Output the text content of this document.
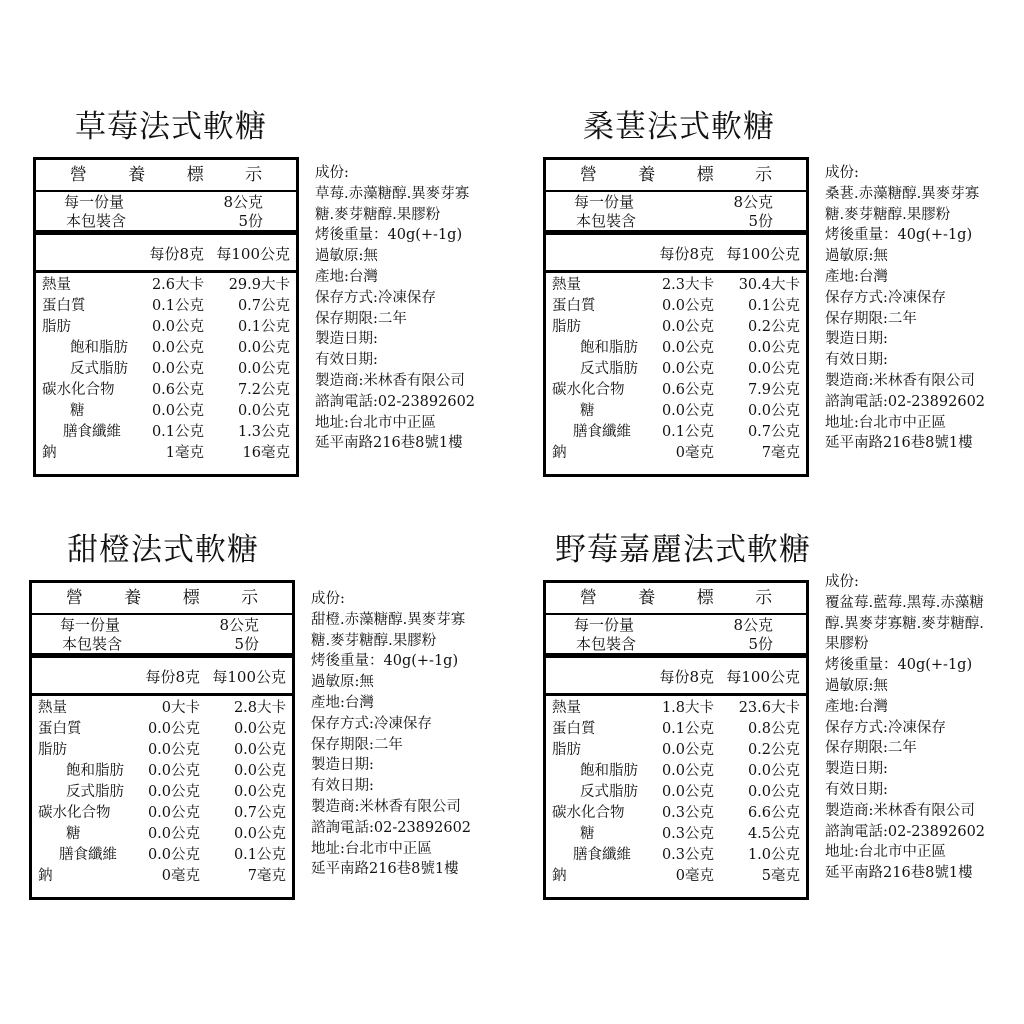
草莓法式軟糖
營 養 標 示
每一份量	8公克
本包裝含	5份
每份8克 每100公克
熱量	2.6大卡 29.9大卡
蛋白質	0.1公克 0.7公克
脂肪	0.0公克 0.1公克
飽和脂肪 0.0公克 0.0公克
反式脂肪 0.0公克 0.0公克
碳水化合物	0.6公克 7.2公克
糖	0.0公克 0.0公克
膳食纖維 0.1公克 1.3公克
鈉	1毫克	16毫克
成份:
草莓.赤藻糖醇.異麥芽寡
糖.麥芽糖醇.果膠粉
烤後重量：40g(+-1g)
過敏原:無
產地:台灣
保存方式:冷凍保存
保存期限:二年
製造日期:
有效日期:
製造商:米林香有限公司
諮詢電話:02-23892602
地址:台北市中正區
延平南路216巷8號1樓
桑葚法式軟糖
營 養 標 示
每一份量	8公克
本包裝含	5份
每份8克 每100公克
熱量	2.3大卡 30.4大卡
蛋白質	0.0公克 0.1公克
脂肪	0.0公克 0.2公克
飽和脂肪 0.0公克 0.0公克
反式脂肪 0.0公克 0.0公克
碳水化合物	0.6公克 7.9公克
糖	0.0公克 0.0公克
膳食纖維 0.1公克 0.7公克
鈉	0毫克	7毫克
成份:
桑葚.赤藻糖醇.異麥芽寡
糖.麥芽糖醇.果膠粉
烤後重量：40g(+-1g)
過敏原:無
產地:台灣
保存方式:冷凍保存
保存期限:二年
製造日期:
有效日期:
製造商:米林香有限公司
諮詢電話:02-23892602
地址:台北市中正區
延平南路216巷8號1樓
甜橙法式軟糖
營 養 標 示
每一份量	8公克
本包裝含	5份
每份8克 每100公克
熱量	0大卡 2.8大卡
蛋白質	0.0公克 0.0公克
脂肪	0.0公克 0.0公克
飽和脂肪 0.0公克 0.0公克
反式脂肪 0.0公克 0.0公克
碳水化合物	0.0公克 0.7公克
糖	0.0公克 0.0公克
膳食纖維 0.0公克 0.1公克
鈉	0毫克	7毫克
成份:
甜橙.赤藻糖醇.異麥芽寡
糖.麥芽糖醇.果膠粉
烤後重量：40g(+-1g)
過敏原:無
產地:台灣
保存方式:冷凍保存
保存期限:二年
製造日期:
有效日期:
製造商:米林香有限公司
諮詢電話:02-23892602
地址:台北市中正區
延平南路216巷8號1樓
野莓嘉麗法式軟糖
營 養 標 示
每一份量	8公克
本包裝含	5份
每份8克 每100公克
熱量	1.8大卡 23.6大卡
蛋白質	0.1公克 0.8公克
脂肪	0.0公克 0.2公克
飽和脂肪 0.0公克 0.0公克
反式脂肪 0.0公克 0.0公克
碳水化合物	0.3公克 6.6公克
糖	0.3公克 4.5公克
膳食纖維 0.3公克 1.0公克
鈉	0毫克	5毫克
成份:
覆盆莓.藍莓.黑莓.赤藻糖
醇.異麥芽寡糖.麥芽糖醇.
果膠粉
烤後重量：40g(+-1g)
過敏原:無
產地:台灣
保存方式:冷凍保存
保存期限:二年
製造日期:
有效日期:
製造商:米林香有限公司
諮詢電話:02-23892602
地址:台北市中正區
延平南路216巷8號1樓
